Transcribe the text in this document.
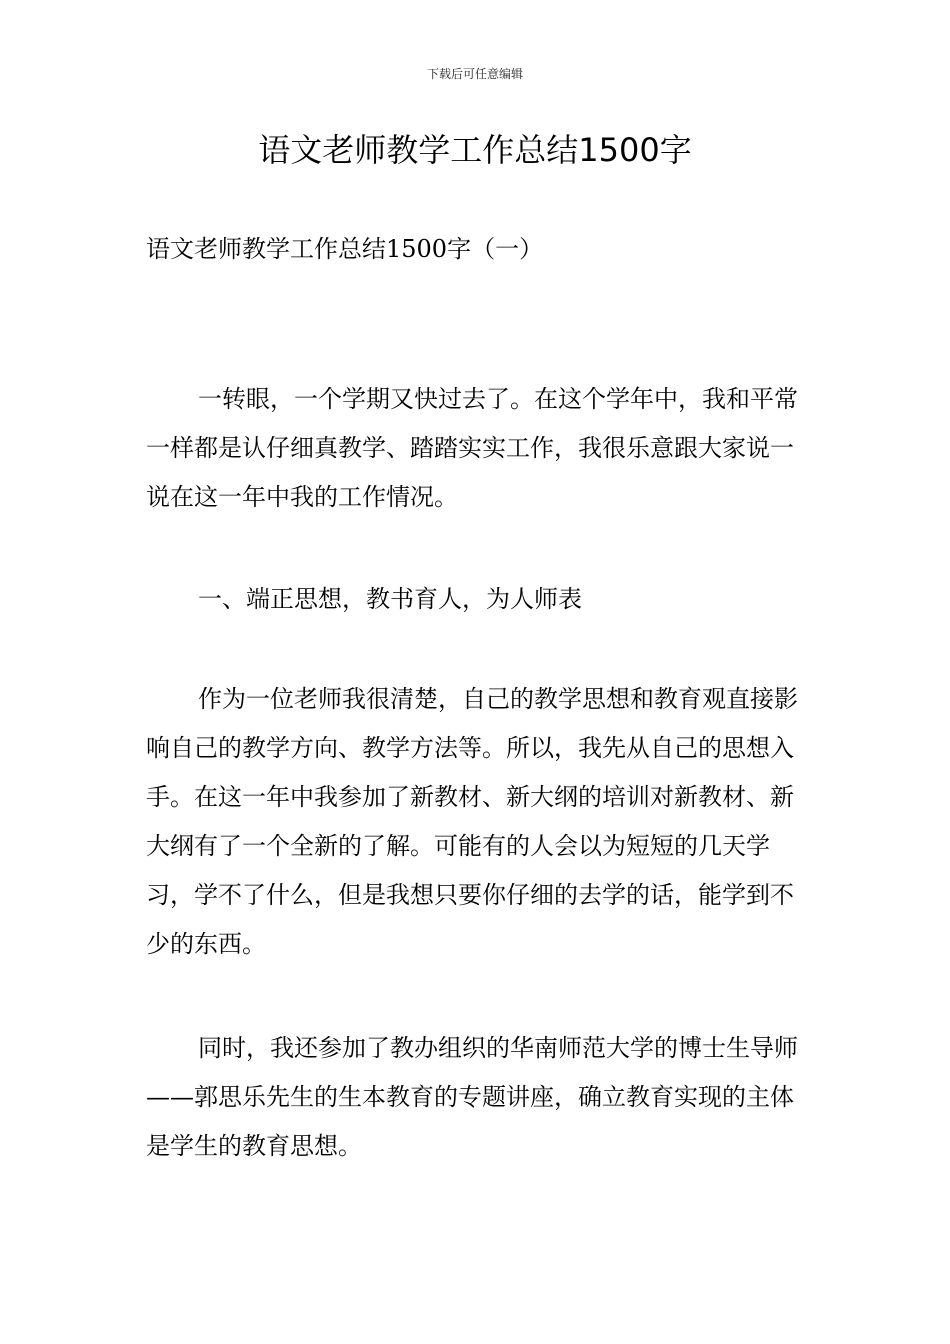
下载后可任意编辑
语文老师教学工作总结1500字

语文老师教学工作总结1500字（一）

一转眼，一个学期又快过去了。在这个学年中，我和平常一样都是认仔细真教学、踏踏实实工作，我很乐意跟大家说一说在这一年中我的工作情况。

一、端正思想，教书育人，为人师表

作为一位老师我很清楚，自己的教学思想和教育观直接影响自己的教学方向、教学方法等。所以，我先从自己的思想入手。在这一年中我参加了新教材、新大纲的培训对新教材、新大纲有了一个全新的了解。可能有的人会以为短短的几天学习，学不了什么，但是我想只要你仔细的去学的话，能学到不少的东西。

同时，我还参加了教办组织的华南师范大学的博士生导师——郭思乐先生的生本教育的专题讲座，确立教育实现的主体是学生的教育思想。
